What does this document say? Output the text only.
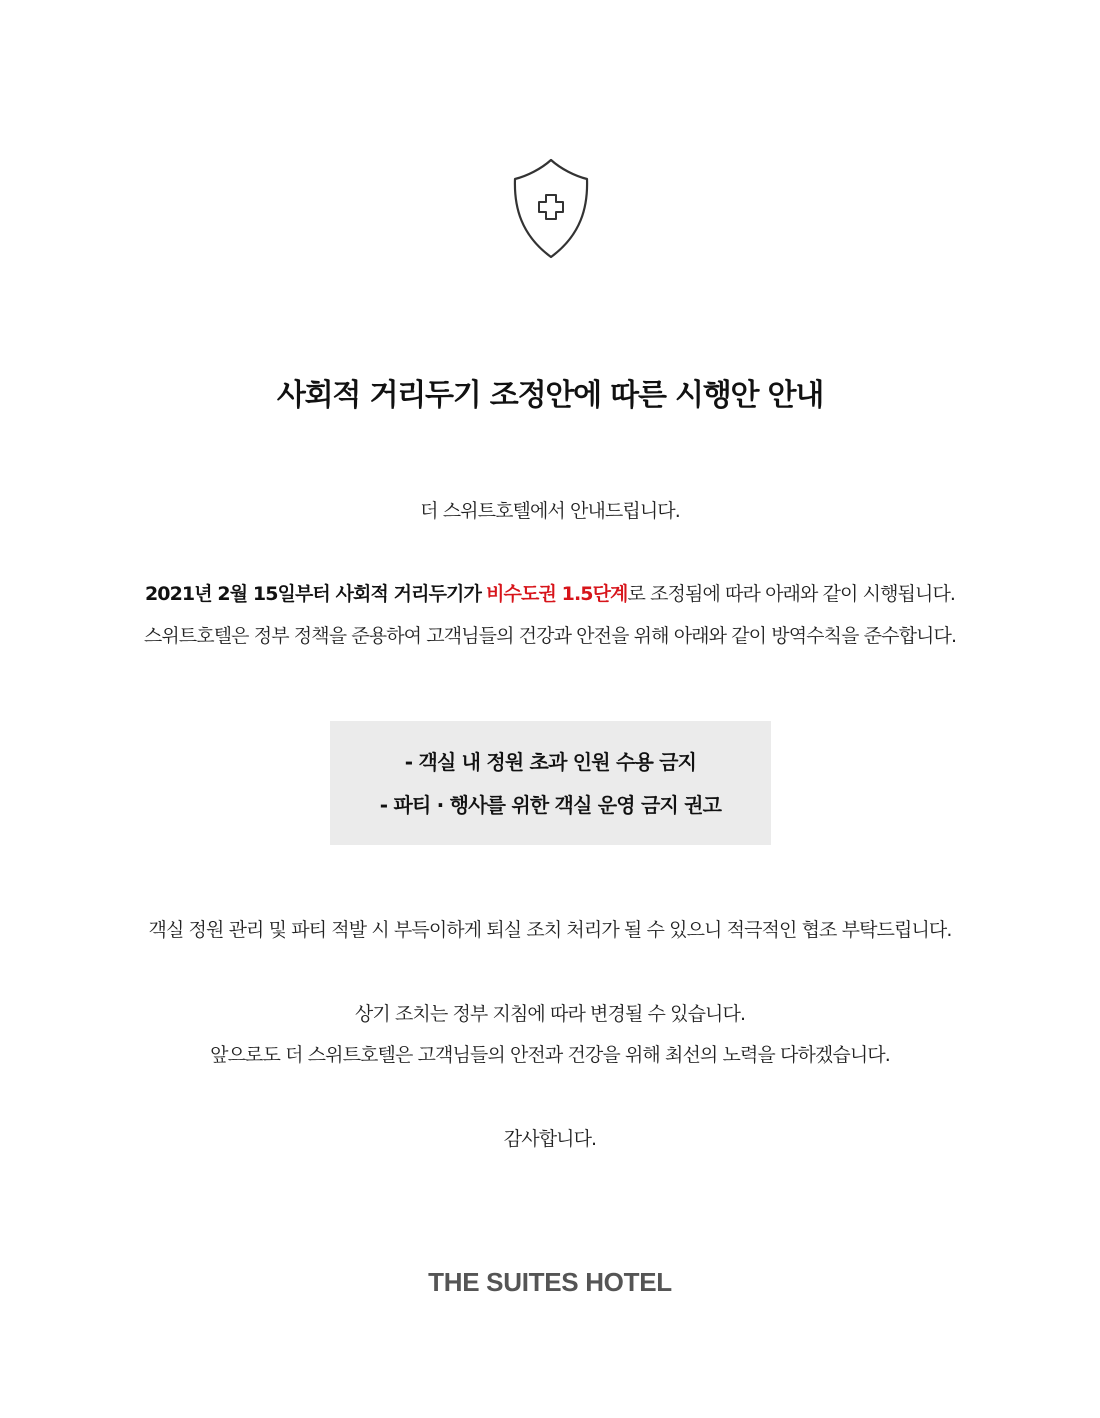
사회적 거리두기 조정안에 따른 시행안 안내
더 스위트호텔에서 안내드립니다.
2021년 2월 15일부터 사회적 거리두기가 비수도권 1.5단계로 조정됨에 따라 아래와 같이 시행됩니다.
스위트호텔은 정부 정책을 준용하여 고객님들의 건강과 안전을 위해 아래와 같이 방역수칙을 준수합니다.
- 객실 내 정원 초과 인원 수용 금지
- 파티 · 행사를 위한 객실 운영 금지 권고
객실 정원 관리 및 파티 적발 시 부득이하게 퇴실 조치 처리가 될 수 있으니 적극적인 협조 부탁드립니다.
상기 조치는 정부 지침에 따라 변경될 수 있습니다.
앞으로도 더 스위트호텔은 고객님들의 안전과 건강을 위해 최선의 노력을 다하겠습니다.
감사합니다.
THE SUITES HOTEL
